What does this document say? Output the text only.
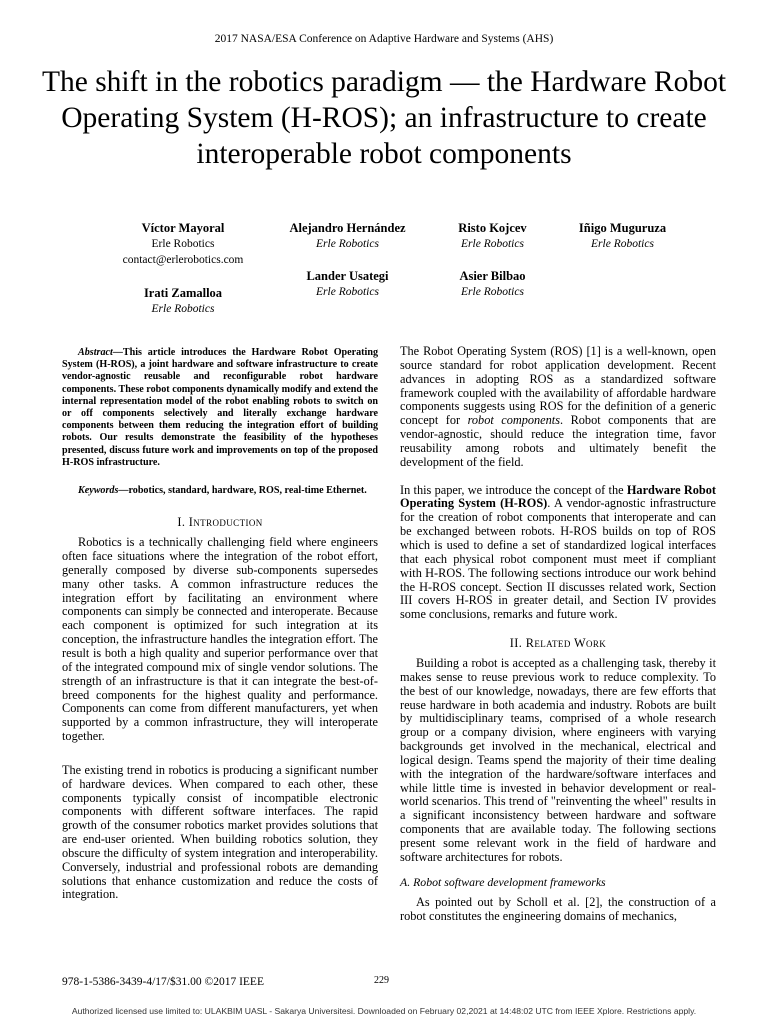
2017 NASA/ESA Conference on Adaptive Hardware and Systems (AHS)
The shift in the robotics paradigm — the Hardware Robot Operating System (H-ROS); an infrastructure to create interoperable robot components
Víctor Mayoral
Erle Robotics
contact@erlerobotics.com
Alejandro Hernández
Erle Robotics
Risto Kojcev
Erle Robotics
Iñigo Muguruza
Erle Robotics
Lander Usategi
Erle Robotics
Asier Bilbao
Erle Robotics
Irati Zamalloa
Erle Robotics
Abstract—This article introduces the Hardware Robot Operating System (H-ROS), a joint hardware and software infrastructure to create vendor-agnostic reusable and reconfigurable robot hardware components. These robot components dynamically modify and extend the internal representation model of the robot enabling robots to switch on or off components selectively and literally exchange hardware components between them reducing the integration effort of building robots. Our results demonstrate the feasibility of the hypotheses presented, discuss future work and improvements on top of the proposed H-ROS infrastructure.
Keywords—robotics, standard, hardware, ROS, real-time Ethernet.
I. Introduction

Robotics is a technically challenging field where engineers often face situations where the integration of the robot effort, generally composed by diverse sub-components supersedes many other tasks. A common infrastructure reduces the integration effort by facilitating an environment where components can simply be connected and interoperate. Because each component is optimized for such integration at its conception, the infrastructure handles the integration effort. The result is both a high quality and superior performance over that of the integrated compound mix of single vendor solutions. The strength of an infrastructure is that it can integrate the best-of-breed components for the highest quality and performance. Components can come from different manufacturers, yet when supported by a common infrastructure, they will interoperate together.

The existing trend in robotics is producing a significant number of hardware devices. When compared to each other, these components typically consist of incompatible electronic components with different software interfaces. The rapid growth of the consumer robotics market provides solutions that are end-user oriented. When building robotics solution, they obscure the difficulty of system integration and interoperability. Conversely, industrial and professional robots are demanding solutions that enhance customization and reduce the costs of integration.

The Robot Operating System (ROS) [1] is a well-known, open source standard for robot application development. Recent advances in adopting ROS as a standardized software framework coupled with the availability of affordable hardware components suggests using ROS for the definition of a generic concept for robot components. Robot components that are vendor-agnostic, should reduce the integration time, favor reusability among robots and ultimately benefit the development of the field.

In this paper, we introduce the concept of the Hardware Robot Operating System (H-ROS). A vendor-agnostic infrastructure for the creation of robot components that interoperate and can be exchanged between robots. H-ROS builds on top of ROS which is used to define a set of standardized logical interfaces that each physical robot component must meet if compliant with H-ROS. The following sections introduce our work behind the H-ROS concept. Section II discusses related work, Section III covers H-ROS in greater detail, and Section IV provides some conclusions, remarks and future work.

II. Related Work

Building a robot is accepted as a challenging task, thereby it makes sense to reuse previous work to reduce complexity. To the best of our knowledge, nowadays, there are few efforts that reuse hardware in both academia and industry. Robots are built by multidisciplinary teams, comprised of a whole research group or a company division, where engineers with varying backgrounds get involved in the mechanical, electrical and logical design. Teams spend the majority of their time dealing with the integration of the hardware/software interfaces and while little time is invested in behavior development or real-world scenarios. This trend of "reinventing the wheel" results in a significant inconsistency between hardware and software components that are available today. The following sections present some relevant work in the field of hardware and software architectures for robots.

A. Robot software development frameworks

As pointed out by Scholl et al. [2], the construction of a robot constitutes the engineering domains of mechanics,

978-1-5386-3439-4/17/$31.00 ©2017 IEEE	229
Authorized licensed use limited to: ULAKBIM UASL - Sakarya Universitesi. Downloaded on February 02,2021 at 14:48:02 UTC from IEEE Xplore. Restrictions apply.
